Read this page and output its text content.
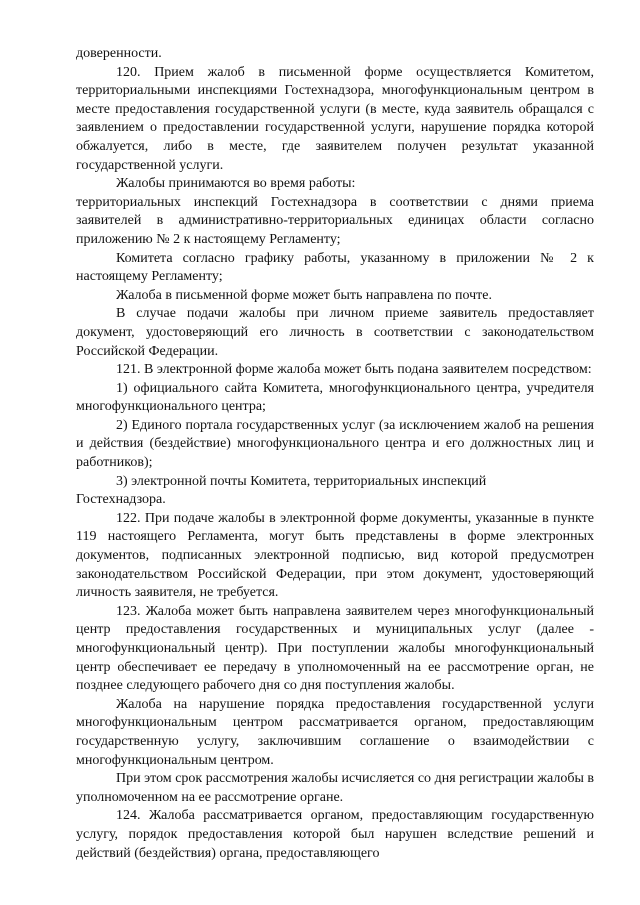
доверенности.

120. Прием жалоб в письменной форме осуществляется Комитетом, территориальными инспекциями Гостехнадзора, многофункциональным центром в месте предоставления государственной услуги (в месте, куда заявитель обращался с заявлением о предоставлении государственной услуги, нарушение порядка которой обжалуется, либо в месте, где заявителем получен результат указанной государственной услуги.

Жалобы принимаются во время работы:

территориальных инспекций Гостехнадзора в соответствии с днями приема заявителей в административно-территориальных единицах области согласно приложению № 2 к настоящему Регламенту;

Комитета согласно графику работы, указанному в приложении № 2 к настоящему Регламенту;

Жалоба в письменной форме может быть направлена по почте.

В случае подачи жалобы при личном приеме заявитель предоставляет документ, удостоверяющий его личность в соответствии с законодательством Российской Федерации.

121. В электронной форме жалоба может быть подана заявителем посредством:

1) официального сайта Комитета, многофункционального центра, учредителя многофункционального центра;

2) Единого портала государственных услуг (за исключением жалоб на решения и действия (бездействие) многофункционального центра и его должностных лиц и работников);

3) электронной почты Комитета, территориальных инспекций

Гостехнадзора.

122. При подаче жалобы в электронной форме документы, указанные в пункте 119 настоящего Регламента, могут быть представлены в форме электронных документов, подписанных электронной подписью, вид которой предусмотрен законодательством Российской Федерации, при этом документ, удостоверяющий личность заявителя, не требуется.

123. Жалоба может быть направлена заявителем через многофункциональный центр предоставления государственных и муниципальных услуг (далее - многофункциональный центр). При поступлении жалобы многофункциональный центр обеспечивает ее передачу в уполномоченный на ее рассмотрение орган, не позднее следующего рабочего дня со дня поступления жалобы.

Жалоба на нарушение порядка предоставления государственной услуги многофункциональным центром рассматривается органом, предоставляющим государственную услугу, заключившим соглашение о взаимодействии с многофункциональным центром.

При этом срок рассмотрения жалобы исчисляется со дня регистрации жалобы в уполномоченном на ее рассмотрение органе.

124. Жалоба рассматривается органом, предоставляющим государственную услугу, порядок предоставления которой был нарушен вследствие решений и действий (бездействия) органа, предоставляющего
